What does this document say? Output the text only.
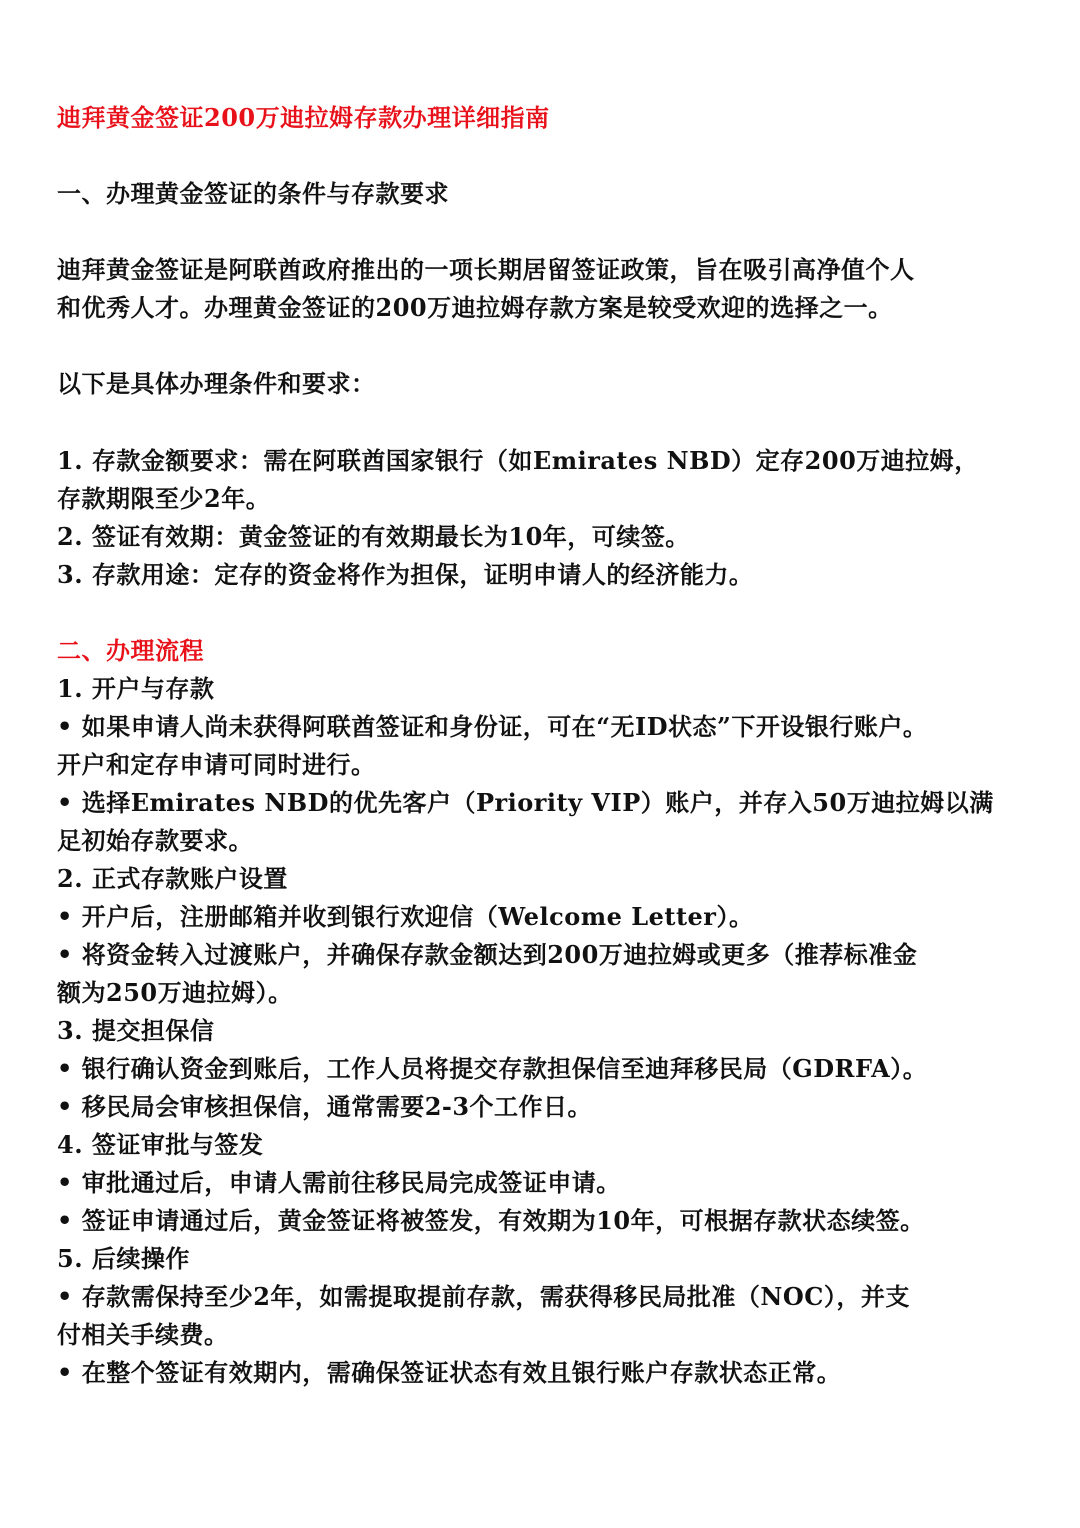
迪拜黄金签证200万迪拉姆存款办理详细指南
一、办理黄金签证的条件与存款要求
迪拜黄金签证是阿联酋政府推出的一项长期居留签证政策，旨在吸引高净值个人
和优秀人才。办理黄金签证的200万迪拉姆存款方案是较受欢迎的选择之一。
以下是具体办理条件和要求：
1. 存款金额要求：需在阿联酋国家银行（如Emirates NBD）定存200万迪拉姆，
存款期限至少2年。
2. 签证有效期：黄金签证的有效期最长为10年，可续签。
3. 存款用途：定存的资金将作为担保，证明申请人的经济能力。
二、办理流程
1. 开户与存款
• 如果申请人尚未获得阿联酋签证和身份证，可在“无ID状态”下开设银行账户。
开户和定存申请可同时进行。
• 选择Emirates NBD的优先客户（Priority VIP）账户，并存入50万迪拉姆以满
足初始存款要求。
2. 正式存款账户设置
• 开户后，注册邮箱并收到银行欢迎信（Welcome Letter）。
• 将资金转入过渡账户，并确保存款金额达到200万迪拉姆或更多（推荐标准金
额为250万迪拉姆）。
3. 提交担保信
• 银行确认资金到账后，工作人员将提交存款担保信至迪拜移民局（GDRFA）。
• 移民局会审核担保信，通常需要2-3个工作日。
4. 签证审批与签发
• 审批通过后，申请人需前往移民局完成签证申请。
• 签证申请通过后，黄金签证将被签发，有效期为10年，可根据存款状态续签。
5. 后续操作
• 存款需保持至少2年，如需提取提前存款，需获得移民局批准（NOC），并支
付相关手续费。
• 在整个签证有效期内，需确保签证状态有效且银行账户存款状态正常。
